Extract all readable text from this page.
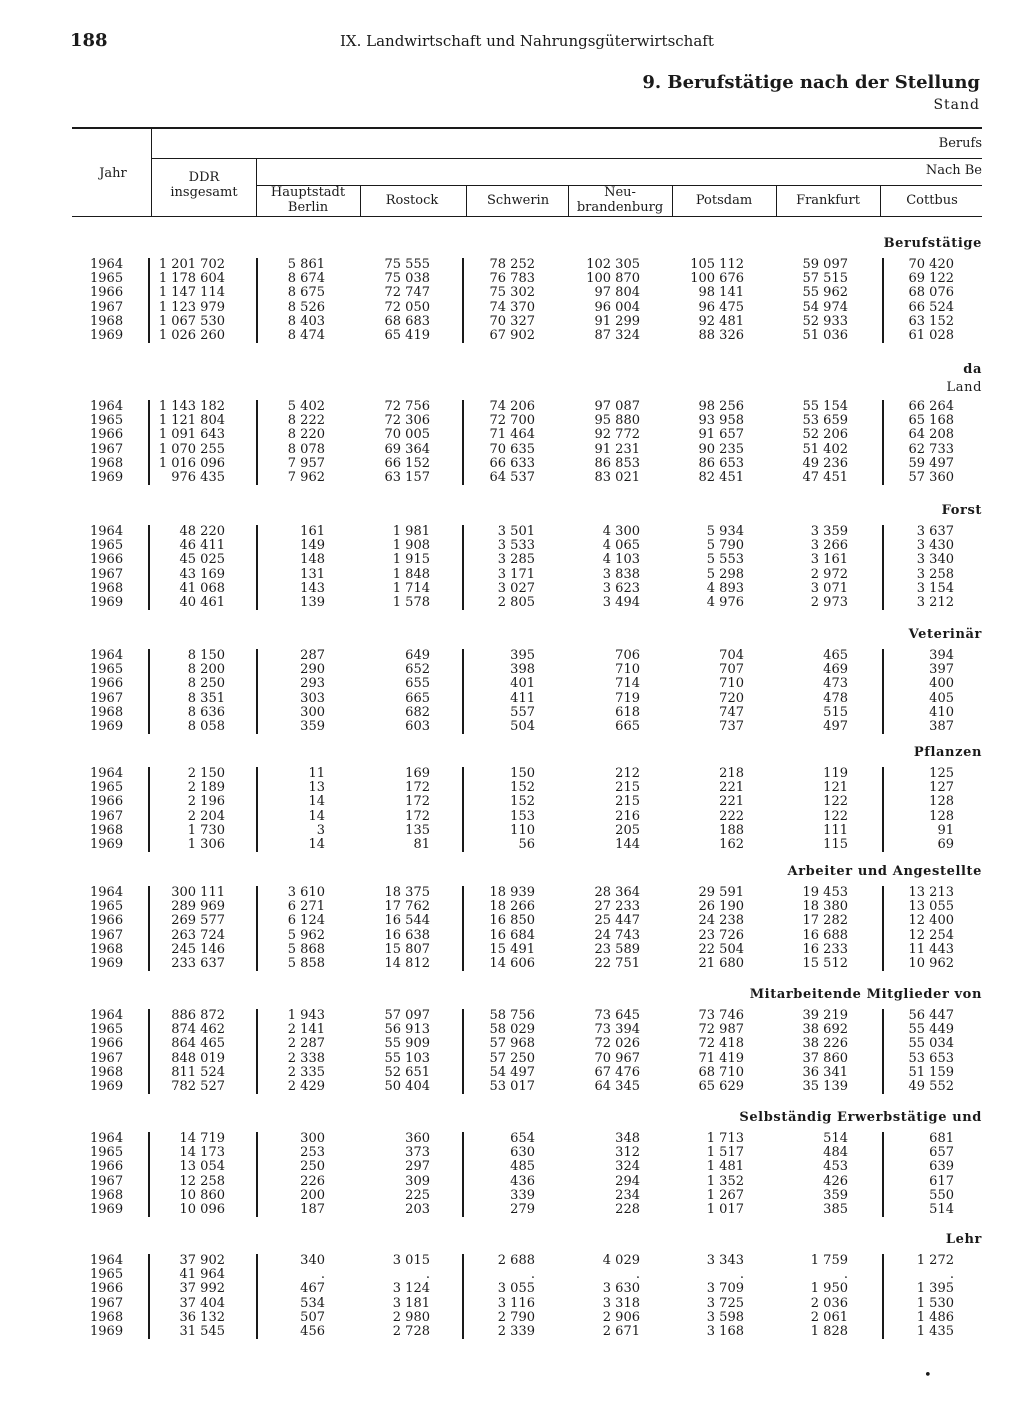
188	IX. Landwirtschaft und Nahrungsgüterwirtschaft
9. Berufstätige nach der Stellung
Stand
Jahr	DDR
insgesamt
Berufs
Nach Be
Hauptstadt
Berlin	Rostock	Schwerin
Neu-
brandenburg	Potsdam	Frankfurt	Cottbus
Berufstätige
1964	1 201 702	5 861	75 555	78 252	102 305	105 112	59 097	70 420
1965	1 178 604	8 674	75 038	76 783	100 870	100 676	57 515	69 122
1966	1 147 114	8 675	72 747	75 302	97 804	98 141	55 962	68 076
1967	1 123 979	8 526	72 050	74 370	96 004	96 475	54 974	66 524
1968	1 067 530	8 403	68 683	70 327	91 299	92 481	52 933	63 152
1969	1 026 260	8 474	65 419	67 902	87 324	88 326	51 036	61 028
da
Land
1964	1 143 182	5 402	72 756	74 206	97 087	98 256	55 154	66 264
1965	1 121 804	8 222	72 306	72 700	95 880	93 958	53 659	65 168
1966	1 091 643	8 220	70 005	71 464	92 772	91 657	52 206	64 208
1967	1 070 255	8 078	69 364	70 635	91 231	90 235	51 402	62 733
1968	1 016 096	7 957	66 152	66 633	86 853	86 653	49 236	59 497
1969	976 435	7 962	63 157	64 537	83 021	82 451	47 451	57 360
Forst
1964	48 220	161	1 981	3 501	4 300	5 934	3 359	3 637
1965	46 411	149	1 908	3 533	4 065	5 790	3 266	3 430
1966	45 025	148	1 915	3 285	4 103	5 553	3 161	3 340
1967	43 169	131	1 848	3 171	3 838	5 298	2 972	3 258
1968	41 068	143	1 714	3 027	3 623	4 893	3 071	3 154
1969	40 461	139	1 578	2 805	3 494	4 976	2 973	3 212
Veterinär
1964	8 150	287	649	395	706	704	465	394
1965	8 200	290	652	398	710	707	469	397
1966	8 250	293	655	401	714	710	473	400
1967	8 351	303	665	411	719	720	478	405
1968	8 636	300	682	557	618	747	515	410
1969	8 058	359	603	504	665	737	497	387
Pflanzen
1964	2 150	11	169	150	212	218	119	125
1965	2 189	13	172	152	215	221	121	127
1966	2 196	14	172	152	215	221	122	128
1967	2 204	14	172	153	216	222	122	128
1968	1 730	3	135	110	205	188	111	91
1969	1 306	14	81	56	144	162	115	69
Arbeiter und Angestellte
1964	300 111	3 610	18 375	18 939	28 364	29 591	19 453	13 213
1965	289 969	6 271	17 762	18 266	27 233	26 190	18 380	13 055
1966	269 577	6 124	16 544	16 850	25 447	24 238	17 282	12 400
1967	263 724	5 962	16 638	16 684	24 743	23 726	16 688	12 254
1968	245 146	5 868	15 807	15 491	23 589	22 504	16 233	11 443
1969	233 637	5 858	14 812	14 606	22 751	21 680	15 512	10 962
Mitarbeitende Mitglieder von
1964	886 872	1 943	57 097	58 756	73 645	73 746	39 219	56 447
1965	874 462	2 141	56 913	58 029	73 394	72 987	38 692	55 449
1966	864 465	2 287	55 909	57 968	72 026	72 418	38 226	55 034
1967	848 019	2 338	55 103	57 250	70 967	71 419	37 860	53 653
1968	811 524	2 335	52 651	54 497	67 476	68 710	36 341	51 159
1969	782 527	2 429	50 404	53 017	64 345	65 629	35 139	49 552
Selbständig Erwerbstätige und
1964	14 719	300	360	654	348	1 713	514	681
1965	14 173	253	373	630	312	1 517	484	657
1966	13 054	250	297	485	324	1 481	453	639
1967	12 258	226	309	436	294	1 352	426	617
1968	10 860	200	225	339	234	1 267	359	550
1969	10 096	187	203	279	228	1 017	385	514
Lehr
1964	37 902	340	3 015	2 688	4 029	3 343	1 759	1 272
1965	41 964	.	.	.	.	.	.	.
1966	37 992	467	3 124	3 055	3 630	3 709	1 950	1 395
1967	37 404	534	3 181	3 116	3 318	3 725	2 036	1 530
1968	36 132	507	2 980	2 790	2 906	3 598	2 061	1 486
1969	31 545	456	2 728	2 339	2 671	3 168	1 828	1 435
•
